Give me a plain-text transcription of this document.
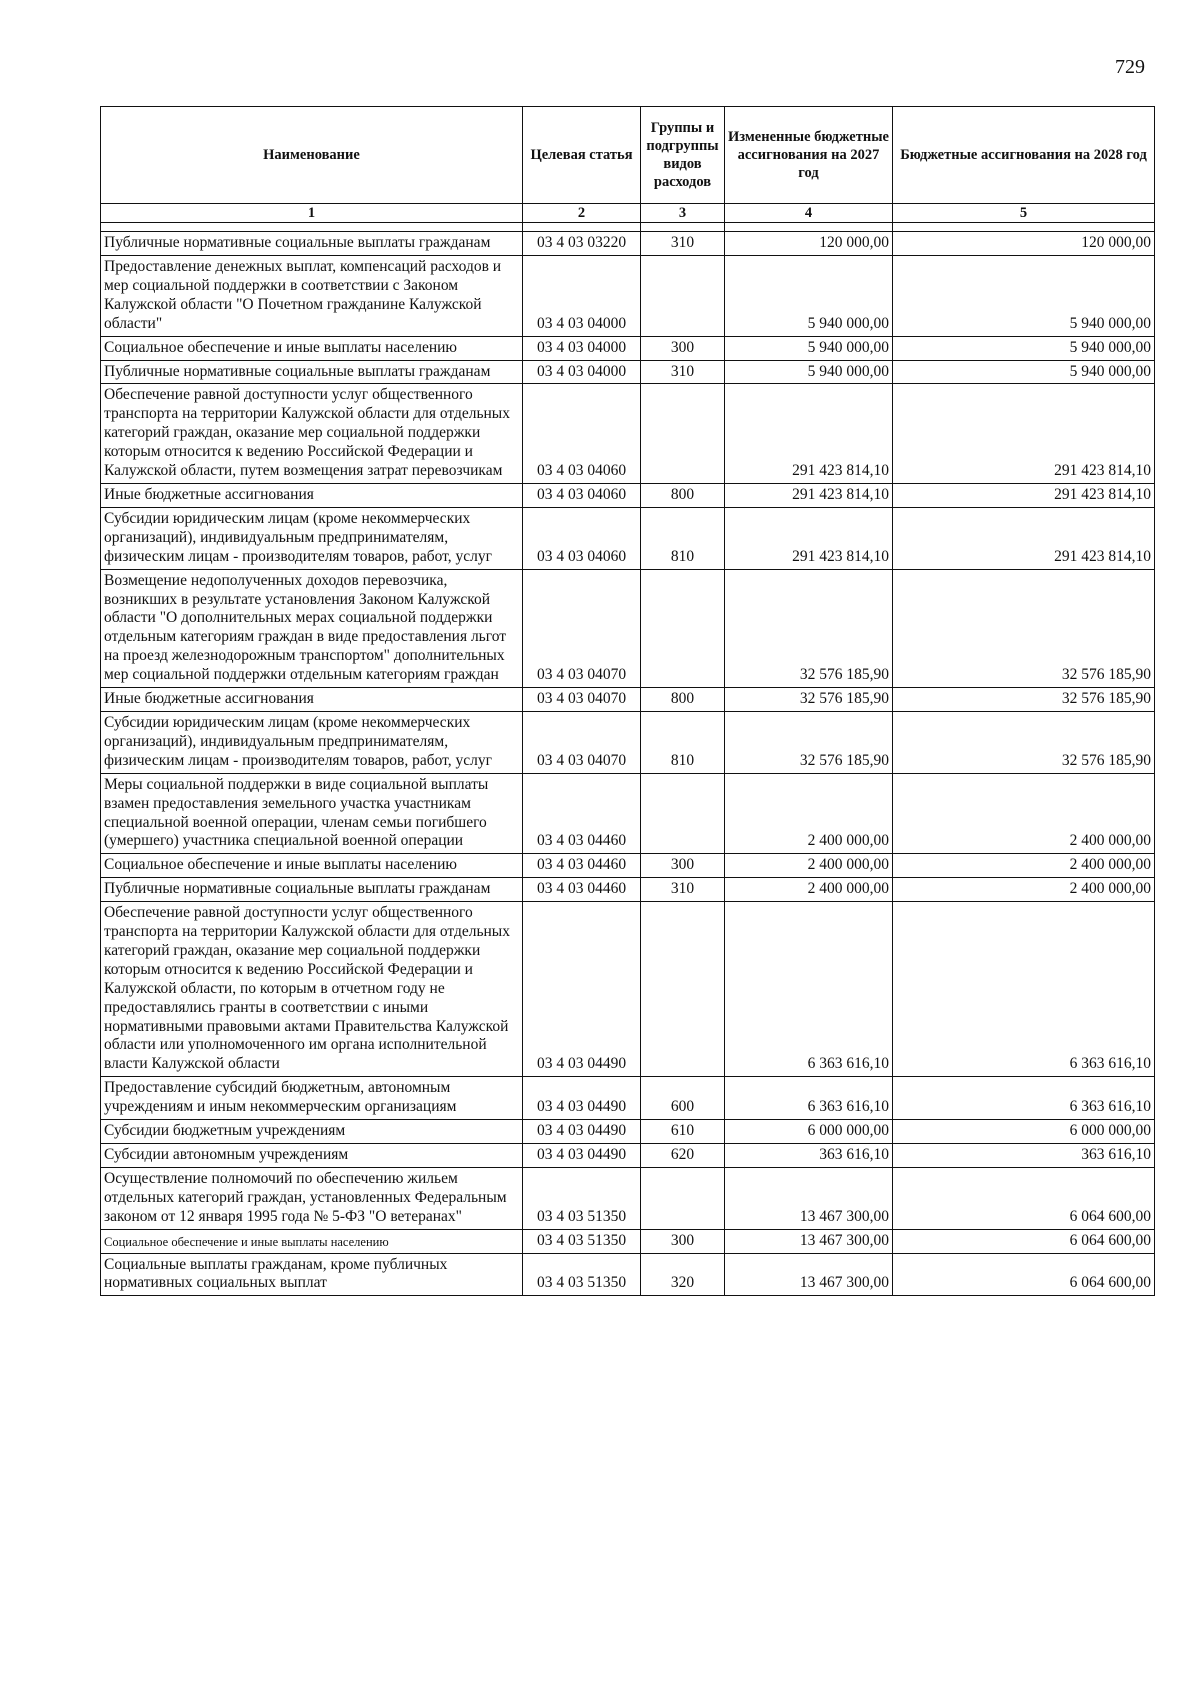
729
Наименование	Целевая статья	Группы и подгруппы видов расходов	Измененные бюджетные ассигнования на 2027 год	Бюджетные ассигнования на 2028 год
1	2	3	4	5

Публичные нормативные социальные выплаты гражданам	03 4 03 03220	310	120 000,00	120 000,00
Предоставление денежных выплат, компенсаций расходов и мер социальной поддержки в соответствии с Законом Калужской области "О Почетном гражданине Калужской области"	03 4 03 04000		5 940 000,00	5 940 000,00
Социальное обеспечение и иные выплаты населению	03 4 03 04000	300	5 940 000,00	5 940 000,00
Публичные нормативные социальные выплаты гражданам	03 4 03 04000	310	5 940 000,00	5 940 000,00
Обеспечение равной доступности услуг общественного транспорта на территории Калужской области для отдельных категорий граждан, оказание мер социальной поддержки которым относится к ведению Российской Федерации и Калужской области, путем возмещения затрат перевозчикам	03 4 03 04060		291 423 814,10	291 423 814,10
Иные бюджетные ассигнования	03 4 03 04060	800	291 423 814,10	291 423 814,10
Субсидии юридическим лицам (кроме некоммерческих организаций), индивидуальным предпринимателям, физическим лицам - производителям товаров, работ, услуг	03 4 03 04060	810	291 423 814,10	291 423 814,10
Возмещение недополученных доходов перевозчика, возникших в результате установления Законом Калужской области "О дополнительных мерах социальной поддержки отдельным категориям граждан в виде предоставления льгот на проезд железнодорожным транспортом" дополнительных мер социальной поддержки отдельным категориям граждан	03 4 03 04070		32 576 185,90	32 576 185,90
Иные бюджетные ассигнования	03 4 03 04070	800	32 576 185,90	32 576 185,90
Субсидии юридическим лицам (кроме некоммерческих организаций), индивидуальным предпринимателям, физическим лицам - производителям товаров, работ, услуг	03 4 03 04070	810	32 576 185,90	32 576 185,90
Меры социальной поддержки в виде социальной выплаты взамен предоставления земельного участка участникам специальной военной операции, членам семьи погибшего (умершего) участника специальной военной операции	03 4 03 04460		2 400 000,00	2 400 000,00
Социальное обеспечение и иные выплаты населению	03 4 03 04460	300	2 400 000,00	2 400 000,00
Публичные нормативные социальные выплаты гражданам	03 4 03 04460	310	2 400 000,00	2 400 000,00
Обеспечение равной доступности услуг общественного транспорта на территории Калужской области для отдельных категорий граждан, оказание мер социальной поддержки которым относится к ведению Российской Федерации и Калужской области, по которым в отчетном году не предоставлялись гранты в соответствии с иными нормативными правовыми актами Правительства Калужской области или уполномоченного им органа исполнительной власти Калужской области	03 4 03 04490		6 363 616,10	6 363 616,10
Предоставление субсидий бюджетным, автономным учреждениям и иным некоммерческим организациям	03 4 03 04490	600	6 363 616,10	6 363 616,10
Субсидии бюджетным учреждениям	03 4 03 04490	610	6 000 000,00	6 000 000,00
Субсидии автономным учреждениям	03 4 03 04490	620	363 616,10	363 616,10
Осуществление полномочий по обеспечению жильем отдельных категорий граждан, установленных Федеральным законом от 12 января 1995 года № 5-ФЗ "О ветеранах"	03 4 03 51350		13 467 300,00	6 064 600,00
Социальное обеспечение и иные выплаты населению	03 4 03 51350	300	13 467 300,00	6 064 600,00
Социальные выплаты гражданам, кроме публичных нормативных социальных выплат	03 4 03 51350	320	13 467 300,00	6 064 600,00
